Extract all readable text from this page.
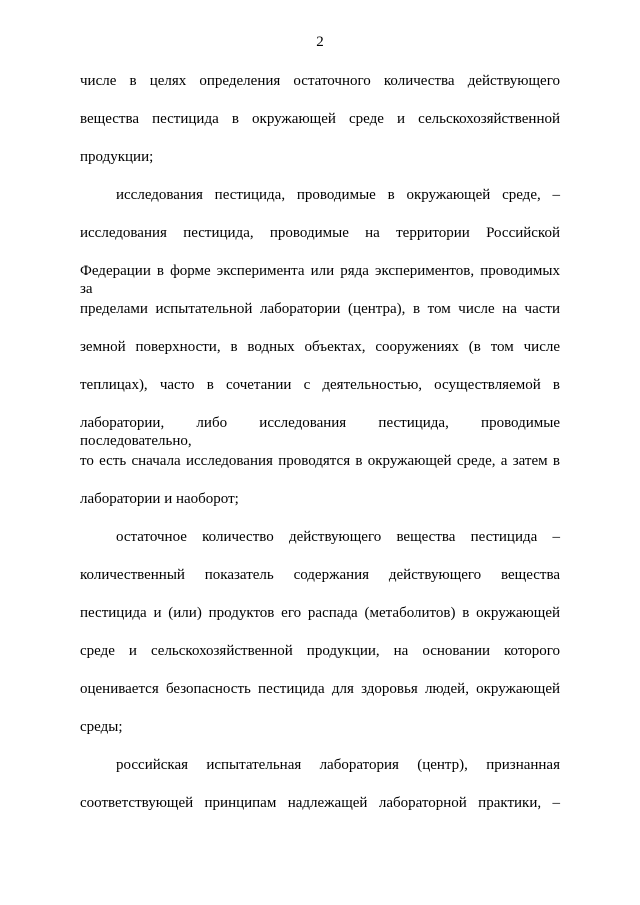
2
числе в целях определения остаточного количества действующего
вещества пестицида в окружающей среде и сельскохозяйственной
продукции;
исследования пестицида, проводимые в окружающей среде, –
исследования пестицида, проводимые на территории Российской
Федерации в форме эксперимента или ряда экспериментов, проводимых за
пределами испытательной лаборатории (центра), в том числе на части
земной поверхности, в водных объектах, сооружениях (в том числе
теплицах), часто в сочетании с деятельностью, осуществляемой в
лаборатории, либо исследования пестицида, проводимые последовательно,
то есть сначала исследования проводятся в окружающей среде, а затем в
лаборатории и наоборот;
остаточное количество действующего вещества пестицида –
количественный показатель содержания действующего вещества
пестицида и (или) продуктов его распада (метаболитов) в окружающей
среде и сельскохозяйственной продукции, на основании которого
оценивается безопасность пестицида для здоровья людей, окружающей
среды;
российская испытательная лаборатория (центр), признанная
соответствующей принципам надлежащей лабораторной практики, –
